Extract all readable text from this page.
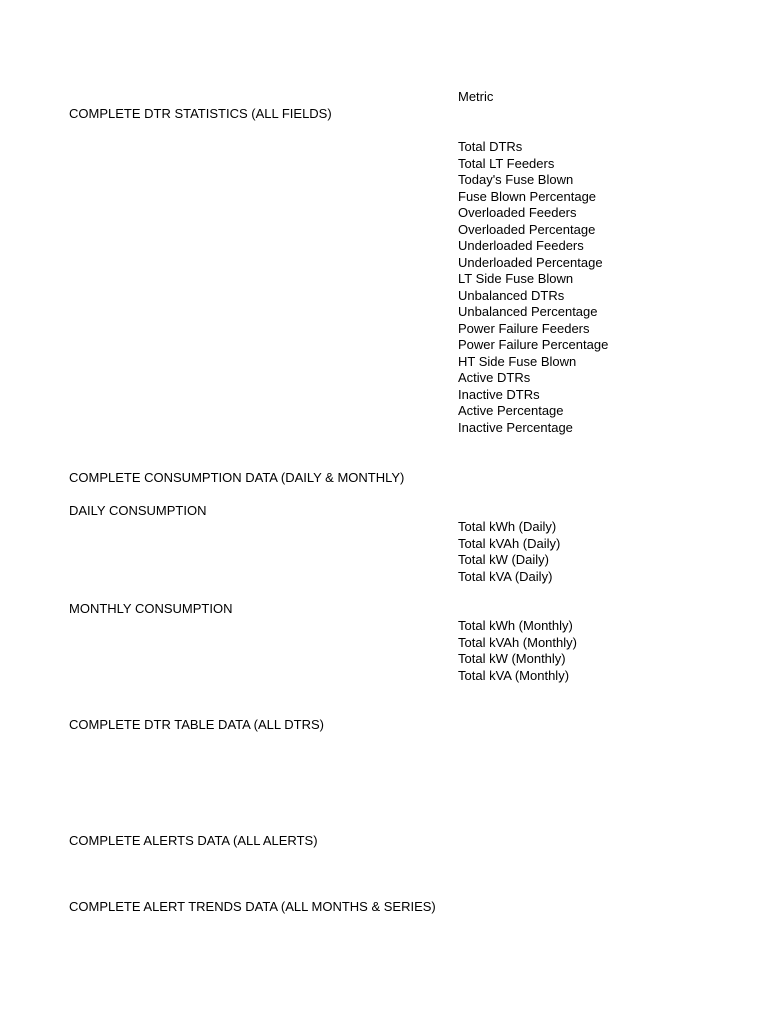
Metric
COMPLETE DTR STATISTICS (ALL FIELDS)
Total DTRs
Total LT Feeders
Today's Fuse Blown
Fuse Blown Percentage
Overloaded Feeders
Overloaded Percentage
Underloaded Feeders
Underloaded Percentage
LT Side Fuse Blown
Unbalanced DTRs
Unbalanced Percentage
Power Failure Feeders
Power Failure Percentage
HT Side Fuse Blown
Active DTRs
Inactive DTRs
Active Percentage
Inactive Percentage
COMPLETE CONSUMPTION DATA (DAILY & MONTHLY)
DAILY CONSUMPTION
Total kWh (Daily)
Total kVAh (Daily)
Total kW (Daily)
Total kVA (Daily)
MONTHLY CONSUMPTION
Total kWh (Monthly)
Total kVAh (Monthly)
Total kW (Monthly)
Total kVA (Monthly)
COMPLETE DTR TABLE DATA (ALL DTRS)
COMPLETE ALERTS DATA (ALL ALERTS)
COMPLETE ALERT TRENDS DATA (ALL MONTHS & SERIES)
